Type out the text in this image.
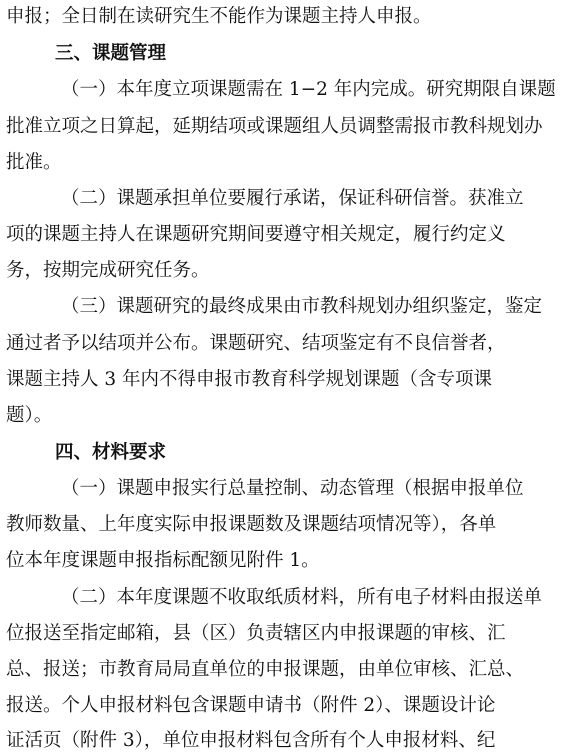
申报；全日制在读研究生不能作为课题主持人申报。
三、课题管理
（一）本年度立项课题需在 1−2 年内完成。研究期限自课题
批准立项之日算起，延期结项或课题组人员调整需报市教科规划办
批准。
（二）课题承担单位要履行承诺，保证科研信誉。获准立
项的课题主持人在课题研究期间要遵守相关规定，履行约定义
务，按期完成研究任务。
（三）课题研究的最终成果由市教科规划办组织鉴定，鉴定
通过者予以结项并公布。课题研究、结项鉴定有不良信誉者，
课题主持人 3 年内不得申报市教育科学规划课题（含专项课
题）。
四、材料要求
（一）课题申报实行总量控制、动态管理（根据申报单位
教师数量、上年度实际申报课题数及课题结项情况等），各单
位本年度课题申报指标配额见附件 1。
（二）本年度课题不收取纸质材料，所有电子材料由报送单
位报送至指定邮箱，县（区）负责辖区内申报课题的审核、汇
总、报送；市教育局局直单位的申报课题，由单位审核、汇总、
报送。个人申报材料包含课题申请书（附件 2）、课题设计论
证活页（附件 3），单位申报材料包含所有个人申报材料、纪
